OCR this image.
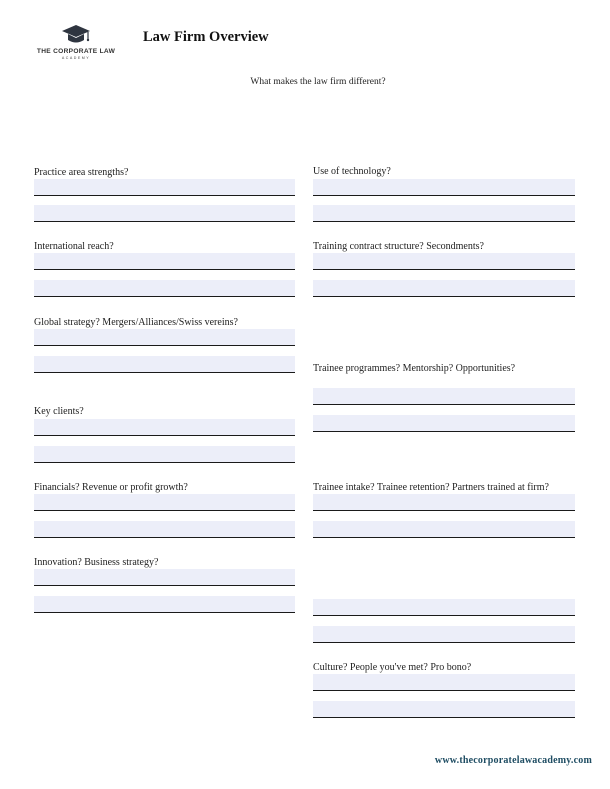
THE CORPORATE LAW
ACADEMY
Law Firm Overview
What makes the law firm different?
Practice area strengths?
International reach?
Global strategy? Mergers/Alliances/Swiss vereins?
Key clients?
Financials? Revenue or profit growth?
Innovation? Business strategy?
Use of technology?
Training contract structure? Secondments?
Trainee programmes? Mentorship? Opportunities?
Trainee intake? Trainee retention? Partners trained at firm?
Culture? People you've met? Pro bono?
www.thecorporatelawacademy.com
